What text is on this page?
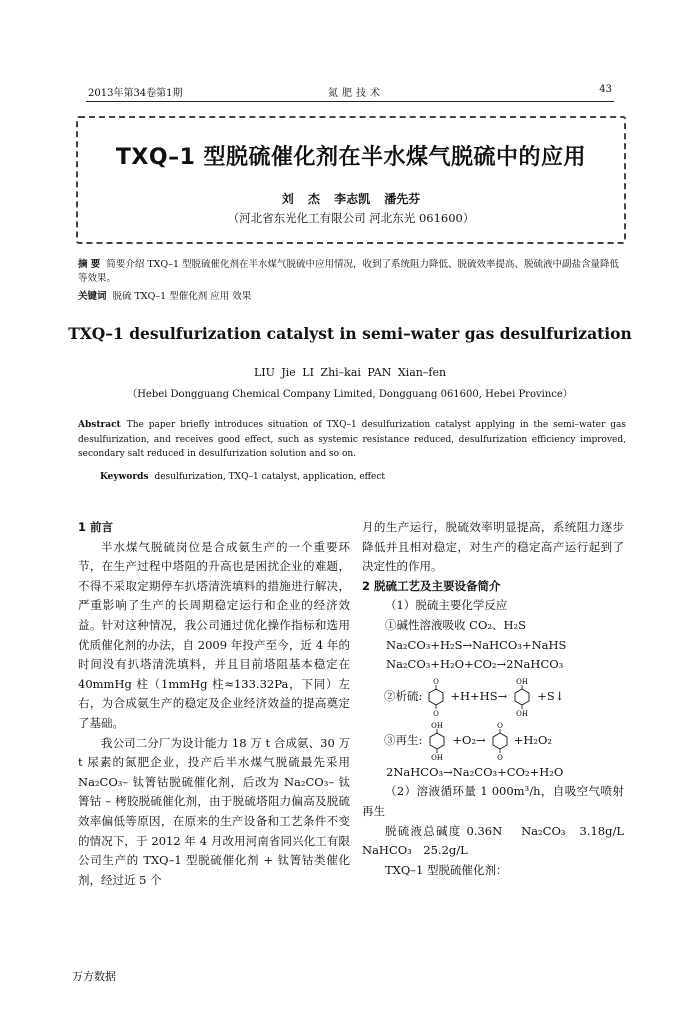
2013年第34卷第1期	氮肥技术	43
TXQ–1 型脱硫催化剂在半水煤气脱硫中的应用
刘 杰 李志凯 潘先芬
（河北省东光化工有限公司 河北东光 061600）
摘 要 简要介绍 TXQ–1 型脱硫催化剂在半水煤气脱硫中应用情况，收到了系统阻力降低、脱硫效率提高、脱硫液中副盐含量降低等效果。
关键词 脱硫 TXQ–1 型催化剂 应用 效果
TXQ–1 desulfurization catalyst in semi–water gas desulfurization
LIU Jie LI Zhi–kai PAN Xian–fen
（Hebei Dongguang Chemical Company Limited, Dongguang 061600, Hebei Province）
Abstract The paper briefly introduces situation of TXQ–1 desulfurization catalyst applying in the semi–water gas desulfurization, and receives good effect, such as systemic resistance reduced, desulfurization efficiency improved, secondary salt reduced in desulfurization solution and so on.
Keywords desulfurization, TXQ–1 catalyst, application, effect

1 前言

半水煤气脱硫岗位是合成氨生产的一个重要环节，在生产过程中塔阻的升高也是困扰企业的难题，不得不采取定期停车扒塔清洗填料的措施进行解决，严重影响了生产的长周期稳定运行和企业的经济效益。针对这种情况，我公司通过优化操作指标和选用优质催化剂的办法，自 2009 年投产至今，近 4 年的时间没有扒塔清洗填料，并且目前塔阻基本稳定在 40mmHg 柱（1mmHg 柱≈133.32Pa，下同）左右，为合成氨生产的稳定及企业经济效益的提高奠定了基础。

我公司二分厂为设计能力 18 万 t 合成氨、30 万 t 尿素的氮肥企业，投产后半水煤气脱硫最先采用 Na₂CO₃– 钛箐钴脱硫催化剂，后改为 Na₂CO₃– 钛箐钴 – 栲胶脱硫催化剂，由于脱硫塔阻力偏高及脱硫效率偏低等原因，在原来的生产设备和工艺条件不变的情况下，于 2012 年 4 月改用河南省同兴化工有限公司生产的 TXQ–1 型脱硫催化剂 + 钛箐钴类催化剂，经过近 5 个

月的生产运行，脱硫效率明显提高，系统阻力逐步降低并且相对稳定，对生产的稳定高产运行起到了决定性的作用。

2 脱硫工艺及主要设备简介

（1）脱硫主要化学反应

①碱性溶液吸收 CO₂、H₂S

Na₂CO₃+H₂S→NaHCO₃+NaHS

Na₂CO₃+H₂O+CO₂→2NaHCO₃

②析硫:
O
O
+H+HS→
OH
OH
+S↓
③再生:
OH
OH
+O₂→
O
O
+H₂O₂

2NaHCO₃→Na₂CO₃+CO₂+H₂O

（2）溶液循环量 1 000m³/h，自吸空气喷射再生

脱硫液总碱度 0.36N　 Na₂CO₃　3.18g/L　NaHCO₃　25.2g/L

TXQ–1 型脱硫催化剂：

万方数据
